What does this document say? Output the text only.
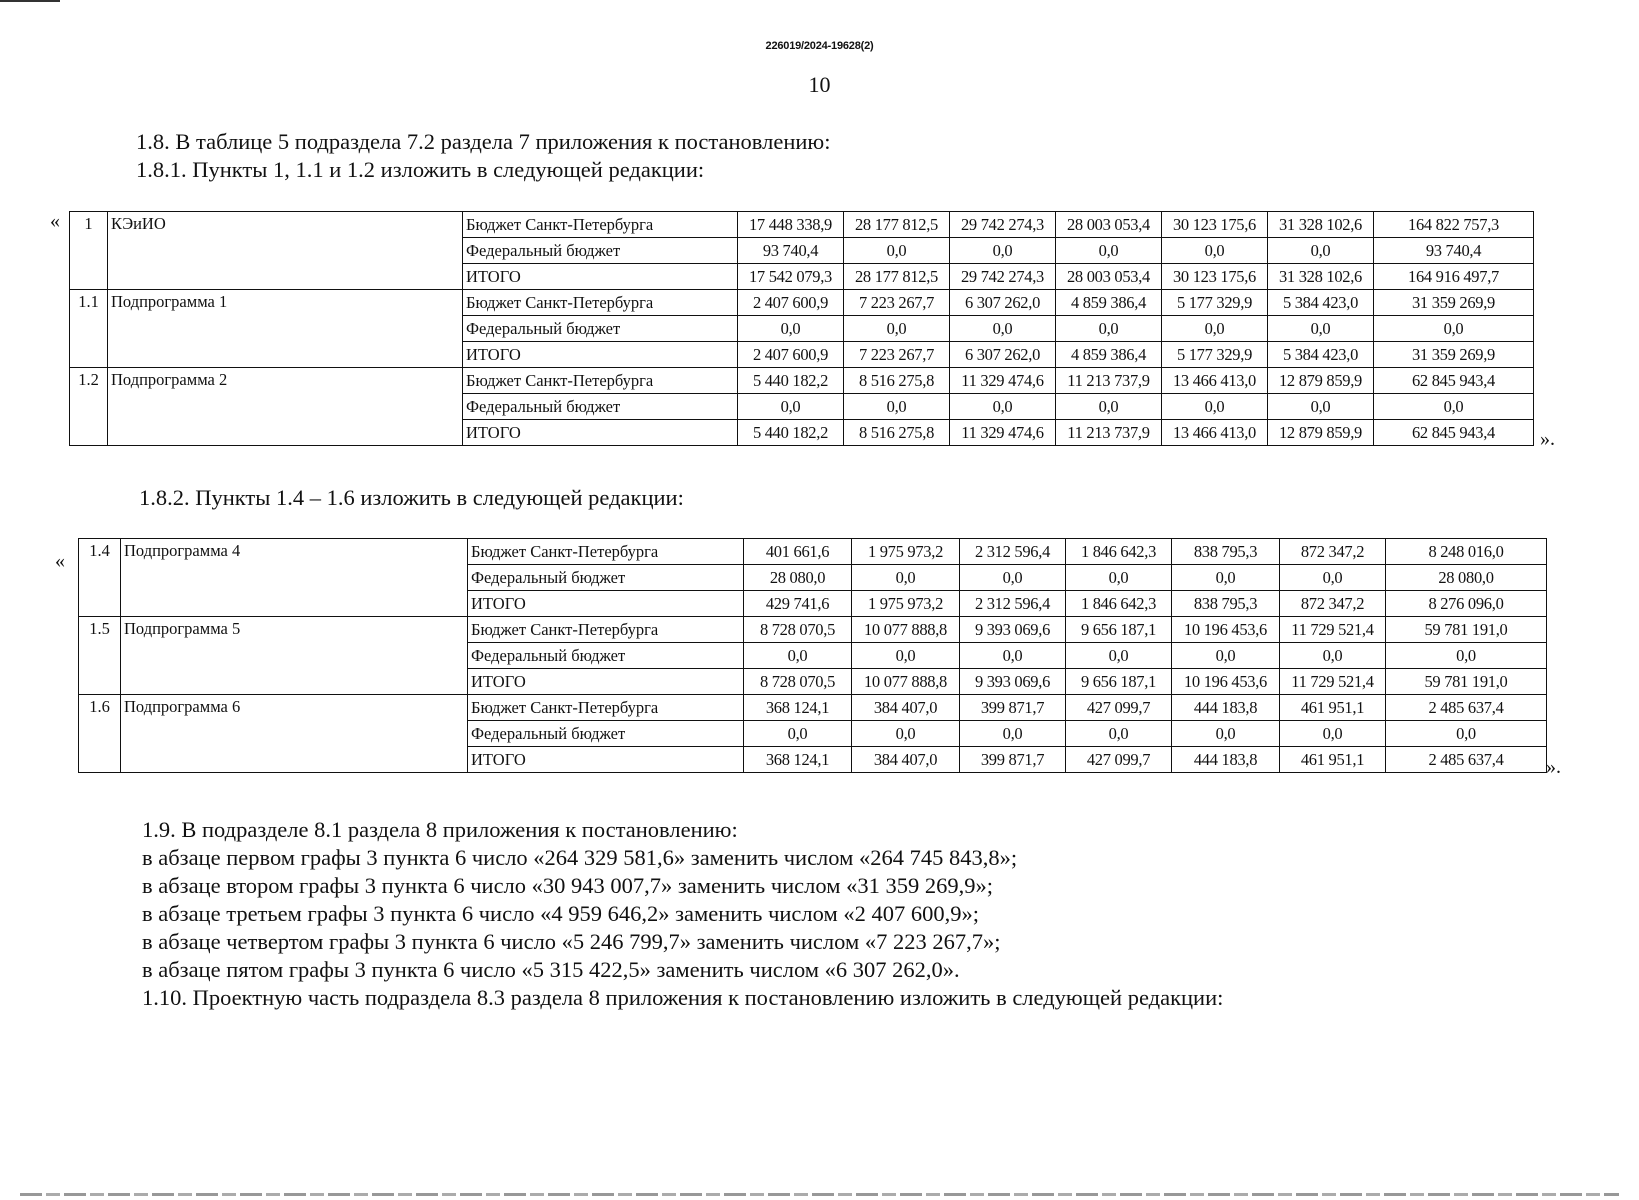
226019/2024-19628(2)
10
1.8. В таблице 5 подраздела 7.2 раздела 7 приложения к постановлению:
1.8.1. Пункты 1, 1.1 и 1.2 изложить в следующей редакции:
« 1	КЭиИО	Бюджет Санкт-Петербурга	17 448 338,9	28 177 812,5	29 742 274,3	28 003 053,4	30 123 175,6	31 328 102,6	164 822 757,3
		Федеральный бюджет	93 740,4	0,0	0,0	0,0	0,0	0,0	93 740,4
		ИТОГО	17 542 079,3	28 177 812,5	29 742 274,3	28 003 053,4	30 123 175,6	31 328 102,6	164 916 497,7
1.1	Подпрограмма 1	Бюджет Санкт-Петербурга	2 407 600,9	7 223 267,7	6 307 262,0	4 859 386,4	5 177 329,9	5 384 423,0	31 359 269,9
		Федеральный бюджет	0,0	0,0	0,0	0,0	0,0	0,0	0,0
		ИТОГО	2 407 600,9	7 223 267,7	6 307 262,0	4 859 386,4	5 177 329,9	5 384 423,0	31 359 269,9
1.2	Подпрограмма 2	Бюджет Санкт-Петербурга	5 440 182,2	8 516 275,8	11 329 474,6	11 213 737,9	13 466 413,0	12 879 859,9	62 845 943,4
		Федеральный бюджет	0,0	0,0	0,0	0,0	0,0	0,0	0,0
		ИТОГО	5 440 182,2	8 516 275,8	11 329 474,6	11 213 737,9	13 466 413,0	12 879 859,9	62 845 943,4 ».
1.8.2. Пункты 1.4 – 1.6 изложить в следующей редакции:
« 1.4	Подпрограмма 4	Бюджет Санкт-Петербурга	401 661,6	1 975 973,2	2 312 596,4	1 846 642,3	838 795,3	872 347,2	8 248 016,0
		Федеральный бюджет	28 080,0	0,0	0,0	0,0	0,0	0,0	28 080,0
		ИТОГО	429 741,6	1 975 973,2	2 312 596,4	1 846 642,3	838 795,3	872 347,2	8 276 096,0
1.5	Подпрограмма 5	Бюджет Санкт-Петербурга	8 728 070,5	10 077 888,8	9 393 069,6	9 656 187,1	10 196 453,6	11 729 521,4	59 781 191,0
		Федеральный бюджет	0,0	0,0	0,0	0,0	0,0	0,0	0,0
		ИТОГО	8 728 070,5	10 077 888,8	9 393 069,6	9 656 187,1	10 196 453,6	11 729 521,4	59 781 191,0
1.6	Подпрограмма 6	Бюджет Санкт-Петербурга	368 124,1	384 407,0	399 871,7	427 099,7	444 183,8	461 951,1	2 485 637,4
		Федеральный бюджет	0,0	0,0	0,0	0,0	0,0	0,0	0,0
		ИТОГО	368 124,1	384 407,0	399 871,7	427 099,7	444 183,8	461 951,1	2 485 637,4 ».
1.9. В подразделе 8.1 раздела 8 приложения к постановлению:
в абзаце первом графы 3 пункта 6 число «264 329 581,6» заменить числом «264 745 843,8»;
в абзаце втором графы 3 пункта 6 число «30 943 007,7» заменить числом «31 359 269,9»;
в абзаце третьем графы 3 пункта 6 число «4 959 646,2» заменить числом «2 407 600,9»;
в абзаце четвертом графы 3 пункта 6 число «5 246 799,7» заменить числом «7 223 267,7»;
в абзаце пятом графы 3 пункта 6 число «5 315 422,5» заменить числом «6 307 262,0».
1.10. Проектную часть подраздела 8.3 раздела 8 приложения к постановлению изложить в следующей редакции:
